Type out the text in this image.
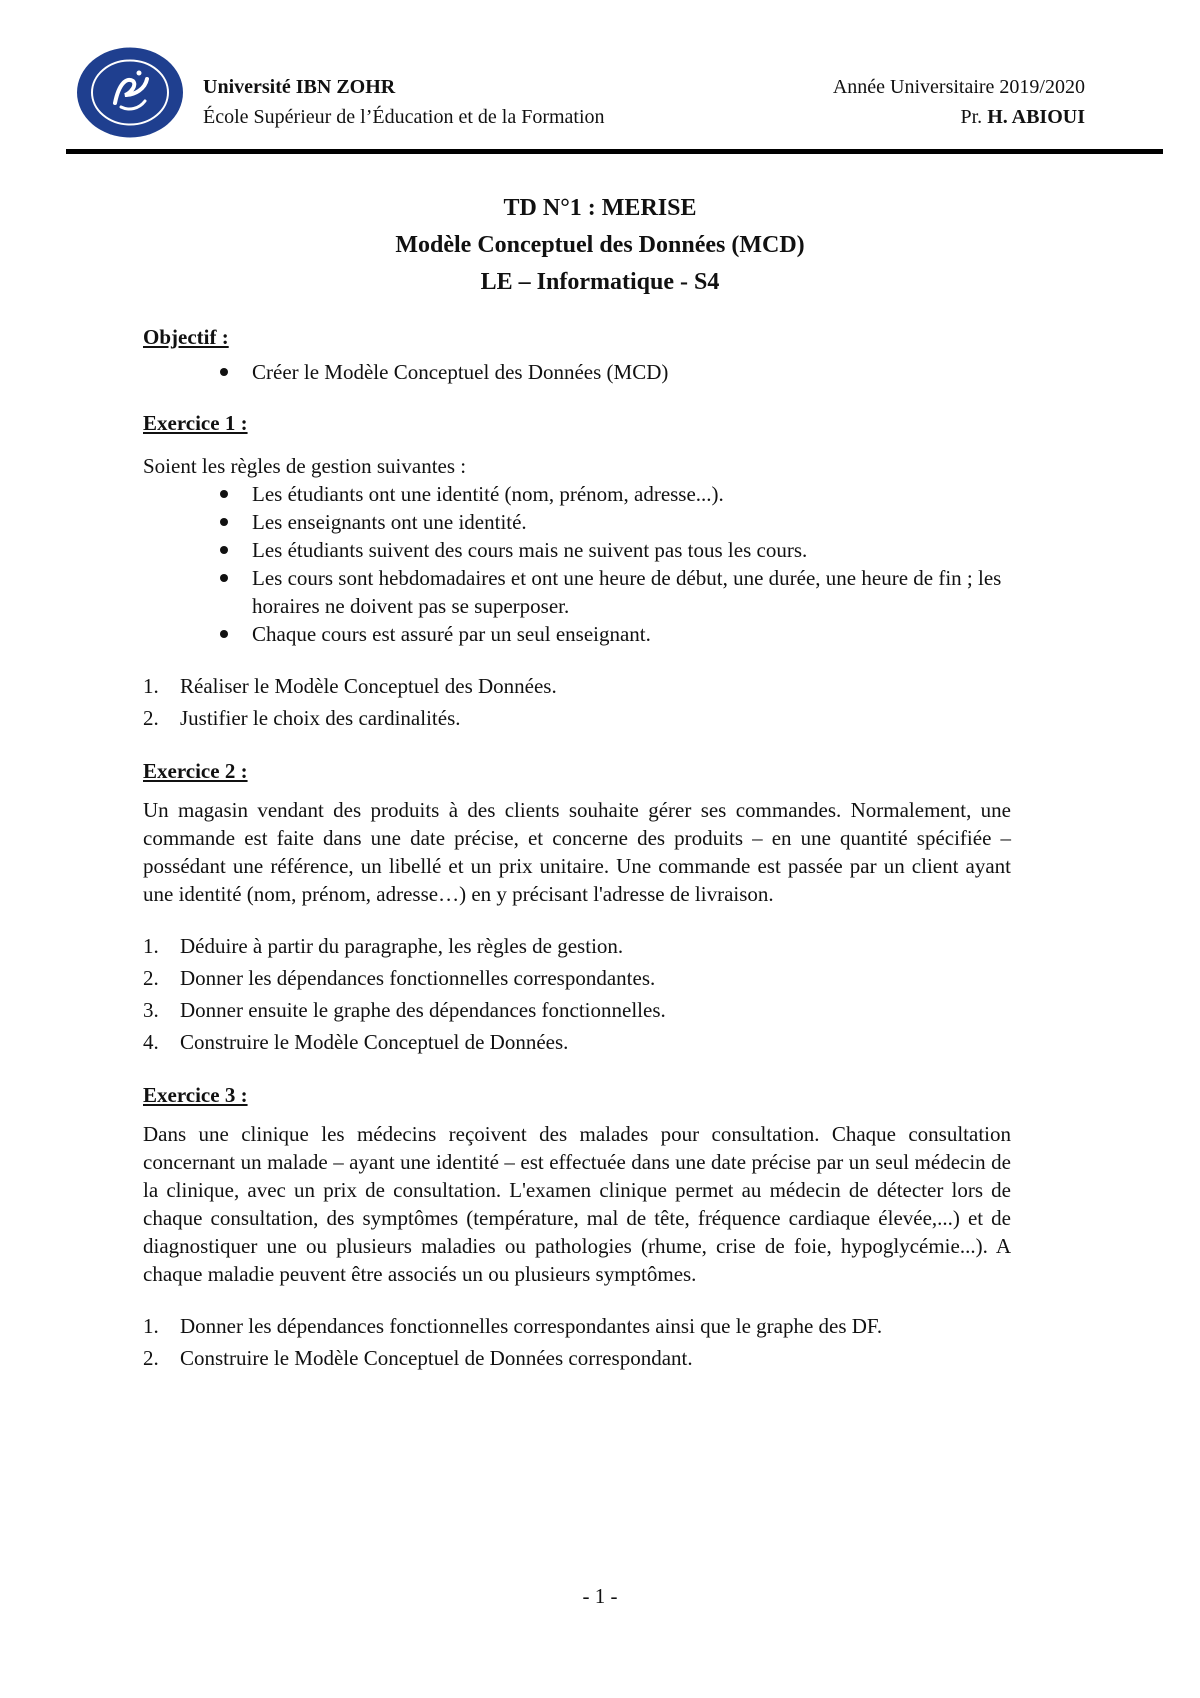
Université IBN ZOHR
École Supérieur de l’Éducation et de la Formation
Année Universitaire 2019/2020
Pr. H. ABIOUI
TD N°1 : MERISE
Modèle Conceptuel des Données (MCD)
LE – Informatique - S4

Objectif :

Créer le Modèle Conceptuel des Données (MCD)

Exercice 1 :

Soient les règles de gestion suivantes :

Les étudiants ont une identité (nom, prénom, adresse...).
Les enseignants ont une identité.
Les étudiants suivent des cours mais ne suivent pas tous les cours.
Les cours sont hebdomadaires et ont une heure de début, une durée, une heure de fin ; les horaires ne doivent pas se superposer.
Chaque cours est assuré par un seul enseignant.
1. Réaliser le Modèle Conceptuel des Données.
2. Justifier le choix des cardinalités.

Exercice 2 :

Un magasin vendant des produits à des clients souhaite gérer ses commandes. Normalement, une commande est faite dans une date précise, et concerne des produits – en une quantité spécifiée – possédant une référence, un libellé et un prix unitaire. Une commande est passée par un client ayant une identité (nom, prénom, adresse…) en y précisant l'adresse de livraison.

1. Déduire à partir du paragraphe, les règles de gestion.
2. Donner les dépendances fonctionnelles correspondantes.
3. Donner ensuite le graphe des dépendances fonctionnelles.
4. Construire le Modèle Conceptuel de Données.

Exercice 3 :

Dans une clinique les médecins reçoivent des malades pour consultation. Chaque consultation concernant un malade – ayant une identité – est effectuée dans une date précise par un seul médecin de la clinique, avec un prix de consultation. L'examen clinique permet au médecin de détecter lors de chaque consultation, des symptômes (température, mal de tête, fréquence cardiaque élevée,...) et de diagnostiquer une ou plusieurs maladies ou pathologies (rhume, crise de foie, hypoglycémie...). A chaque maladie peuvent être associés un ou plusieurs symptômes.

1. Donner les dépendances fonctionnelles correspondantes ainsi que le graphe des DF.
2. Construire le Modèle Conceptuel de Données correspondant.
- 1 -
